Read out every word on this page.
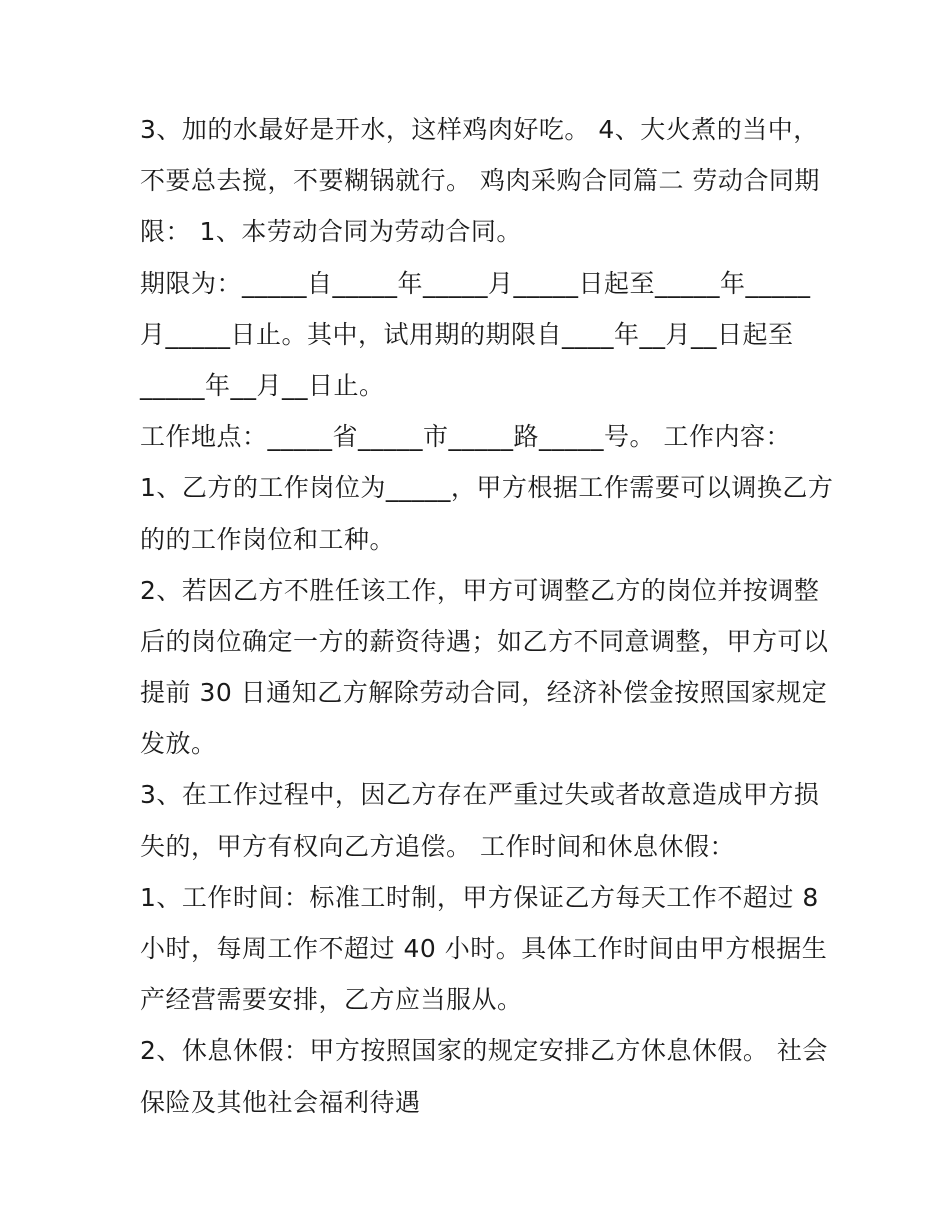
3、加的水最好是开水，这样鸡肉好吃。 4、大火煮的当中，
不要总去搅，不要糊锅就行。 鸡肉采购合同篇二 劳动合同期
限： 1、本劳动合同为劳动合同。
期限为：_____自_____年_____月_____日起至_____年_____
月_____日止。其中，试用期的期限自____年__月__日起至
_____年__月__日止。
工作地点：_____省_____市_____路_____号。 工作内容：
1、乙方的工作岗位为_____，甲方根据工作需要可以调换乙方
的的工作岗位和工种。
2、若因乙方不胜任该工作，甲方可调整乙方的岗位并按调整
后的岗位确定一方的薪资待遇；如乙方不同意调整，甲方可以
提前 30 日通知乙方解除劳动合同，经济补偿金按照国家规定
发放。
3、在工作过程中，因乙方存在严重过失或者故意造成甲方损
失的，甲方有权向乙方追偿。 工作时间和休息休假：
1、工作时间：标准工时制，甲方保证乙方每天工作不超过 8
小时，每周工作不超过 40 小时。具体工作时间由甲方根据生
产经营需要安排，乙方应当服从。
2、休息休假：甲方按照国家的规定安排乙方休息休假。 社会
保险及其他社会福利待遇
